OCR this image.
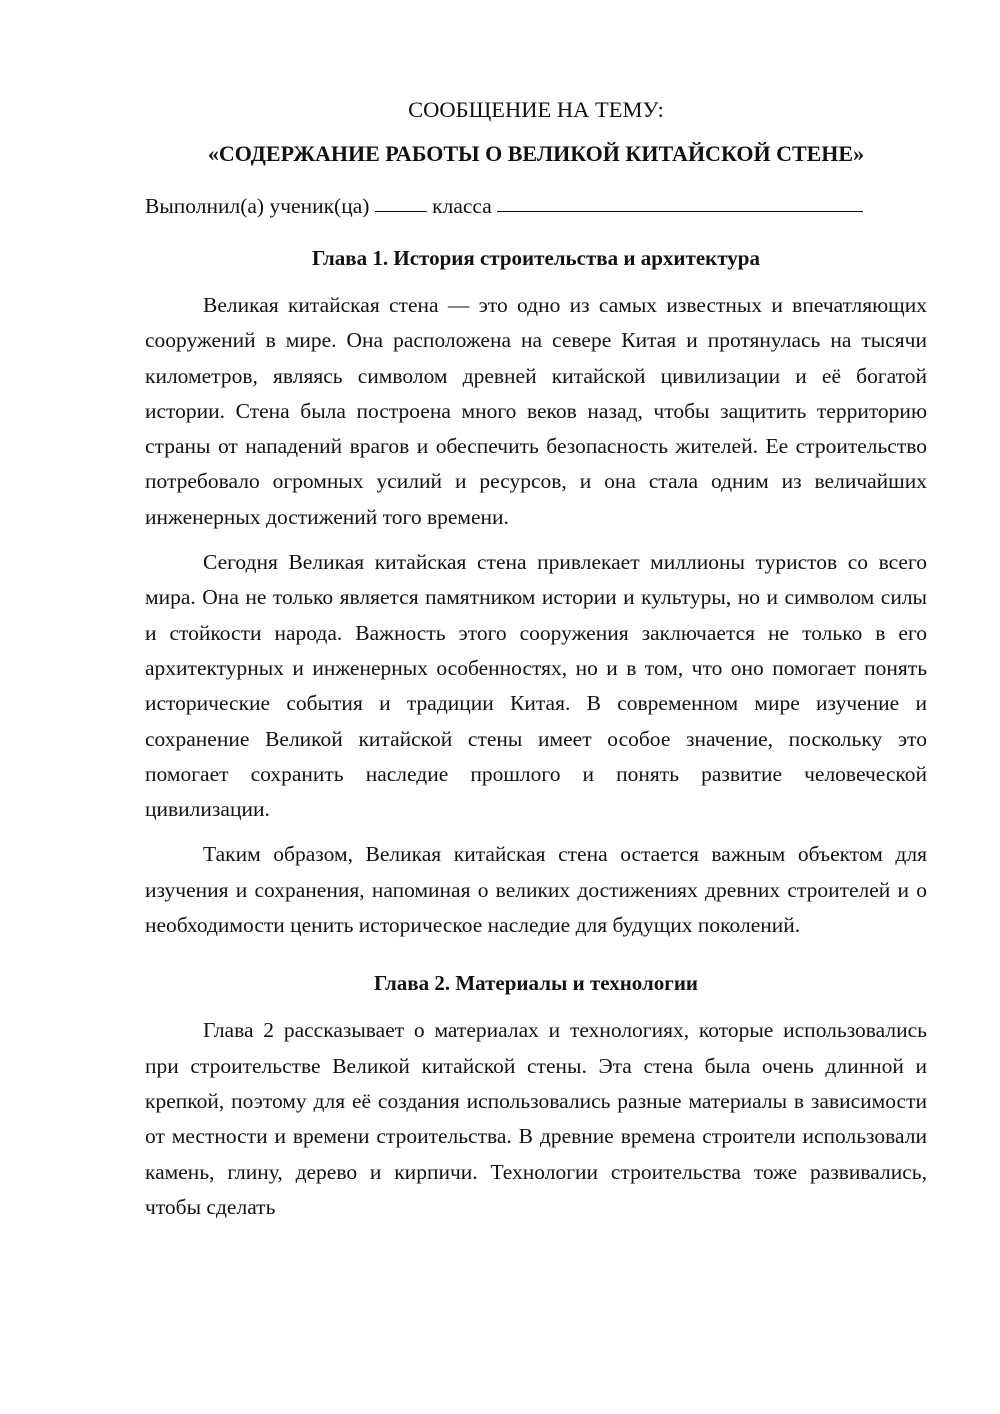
СООБЩЕНИЕ НА ТЕМУ:

«СОДЕРЖАНИЕ РАБОТЫ О ВЕЛИКОЙ КИТАЙСКОЙ СТЕНЕ»

Выполнил(а) ученик(ца)  класса

Глава 1. История строительства и архитектура

Великая китайская стена — это одно из самых известных и впечатляющих сооружений в мире. Она расположена на севере Китая и протянулась на тысячи километров, являясь символом древней китайской цивилизации и её богатой истории. Стена была построена много веков назад, чтобы защитить территорию страны от нападений врагов и обеспечить безопасность жителей. Ее строительство потребовало огромных усилий и ресурсов, и она стала одним из величайших инженерных достижений того времени.

Сегодня Великая китайская стена привлекает миллионы туристов со всего мира. Она не только является памятником истории и культуры, но и символом силы и стойкости народа. Важность этого сооружения заключается не только в его архитектурных и инженерных особенностях, но и в том, что оно помогает понять исторические события и традиции Китая. В современном мире изучение и сохранение Великой китайской стены имеет особое значение, поскольку это помогает сохранить наследие прошлого и понять развитие человеческой цивилизации.

Таким образом, Великая китайская стена остается важным объектом для изучения и сохранения, напоминая о великих достижениях древних строителей и о необходимости ценить историческое наследие для будущих поколений.

Глава 2. Материалы и технологии

Глава 2 рассказывает о материалах и технологиях, которые использовались при строительстве Великой китайской стены. Эта стена была очень длинной и крепкой, поэтому для её создания использовались разные материалы в зависимости от местности и времени строительства. В древние времена строители использовали камень, глину, дерево и кирпичи. Технологии строительства тоже развивались, чтобы сделать
